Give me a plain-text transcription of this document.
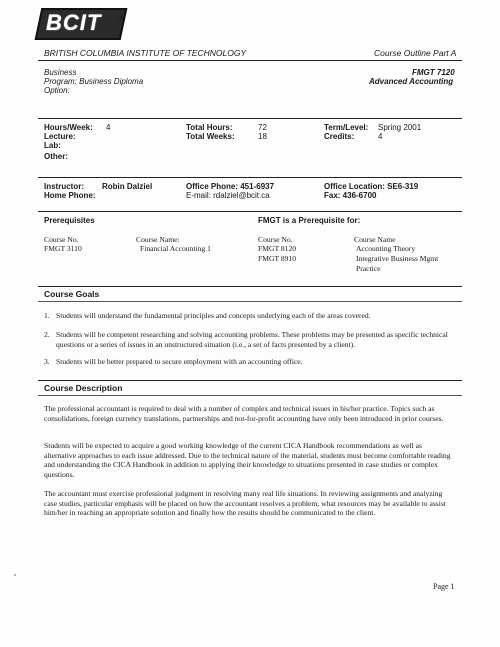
BCIT	®
BRITISH COLUMBIA INSTITUTE OF TECHNOLOGY	Course Outline Part A
Business
Program: Business Diploma
Option:
FMGT 7120
Advanced Accounting
Hours/Week: 4
Lecture:
Lab:
Other:
Total Hours:	72
Total Weeks:	18
Term/Level: Spring 2001
Credits:	4
Instructor: Robin Dalziel
Home Phone:
Office Phone: 451-6937
E-mail: rdalziel@bcit.ca
Office Location: SE6-319
Fax: 436-6700
Prerequisites	FMGT is a Prerequisite for:
Course No.	Course Name:
FMGT 3110	Financial Accounting 1
Course No.	Course Name
FMGT 8120	Accounting Theory
FMGT 8910	Integrative Business Mgmt
Practice
Course Goals
1. Students will understand the fundamental principles and concepts underlying each of the areas covered.
2. Students will be competent researching and solving accounting problems. These problems may be presented as specific technical questions or a series of issues in an unstructured situation (i.e., a set of facts presented by a client).
3. Students will be better prepared to secure employment with an accounting office.
Course Description
The professional accountant is required to deal with a number of complex and technical issues in his/her practice. Topics such as consolidations, foreign currency translations, partnerships and not-for-profit accounting have only been introduced in prior courses.
Students will be expected to acquire a good working knowledge of the current CICA Handbook recommendations as well as alternative approaches to each issue addressed. Due to the technical nature of the material, students must become comfortable reading and understanding the CICA Handbook in addition to applying their knowledge to situations presented in case studies or complex questions.
The accountant must exercise professional judgment in resolving many real life situations. In reviewing assignments and analyzing case studies, particular emphasis will be placed on how the accountant resolves a problem, what resources may be available to assist him/her in reaching an appropriate solution and finally how the results should be communicated to the client.
Page 1
